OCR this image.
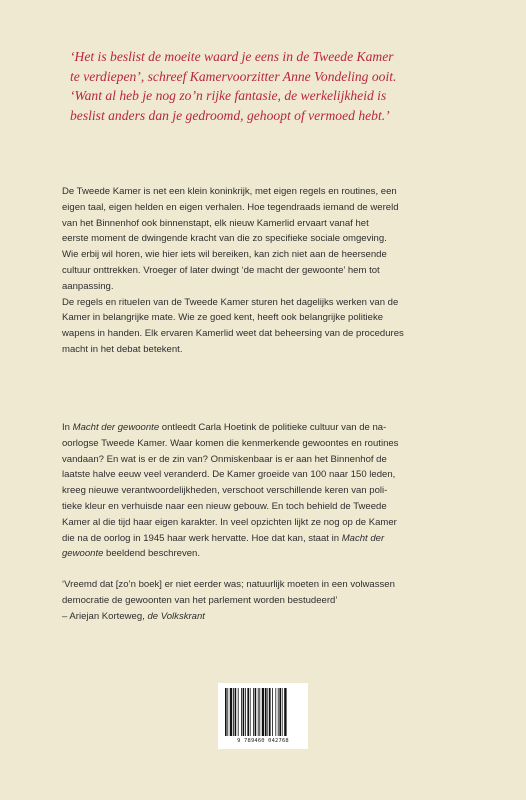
‘Het is beslist de moeite waard je eens in de Tweede Kamer
te verdiepen’, schreef Kamervoorzitter Anne Vondeling ooit.
‘Want al heb je nog zo’n rijke fantasie, de werkelijkheid is
beslist anders dan je gedroomd, gehoopt of vermoed hebt.’

De Tweede Kamer is net een klein koninkrijk, met eigen regels en routines, een

eigen taal, eigen helden en eigen verhalen. Hoe tegendraads iemand de wereld

van het Binnenhof ook binnenstapt, elk nieuw Kamerlid ervaart vanaf het

eerste moment de dwingende kracht van die zo specifieke sociale omgeving.

Wie erbij wil horen, wie hier iets wil bereiken, kan zich niet aan de heersende

cultuur onttrekken. Vroeger of later dwingt ‘de macht der gewoonte’ hem tot

aanpassing.

De regels en ritueIen van de Tweede Kamer sturen het dagelijks werken van de

Kamer in belangrijke mate. Wie ze goed kent, heeft ook belangrijke politieke

wapens in handen. Elk ervaren Kamerlid weet dat beheersing van de procedures

macht in het debat betekent.

In Macht der gewoonte ontleedt Carla Hoetink de politieke cultuur van de na-

oorlogse Tweede Kamer. Waar komen die kenmerkende gewoontes en routines

vandaan? En wat is er de zin van? Onmiskenbaar is er aan het Binnenhof de

laatste halve eeuw veel veranderd. De Kamer groeide van 100 naar 150 leden,

kreeg nieuwe verantwoordelijkheden, verschoot verschillende keren van poli-

tieke kleur en verhuisde naar een nieuw gebouw. En toch behield de Tweede

Kamer al die tijd haar eigen karakter. In veel opzichten lijkt ze nog op de Kamer

die na de oorlog in 1945 haar werk hervatte. Hoe dat kan, staat in Macht der

gewoonte beeldend beschreven.

‘Vreemd dat [zo’n boek] er niet eerder was; natuurlijk moeten in een volwassen

democratie de gewoonten van het parlement worden bestudeerd’

– Ariejan Korteweg, de Volkskrant

9 789460 042768
